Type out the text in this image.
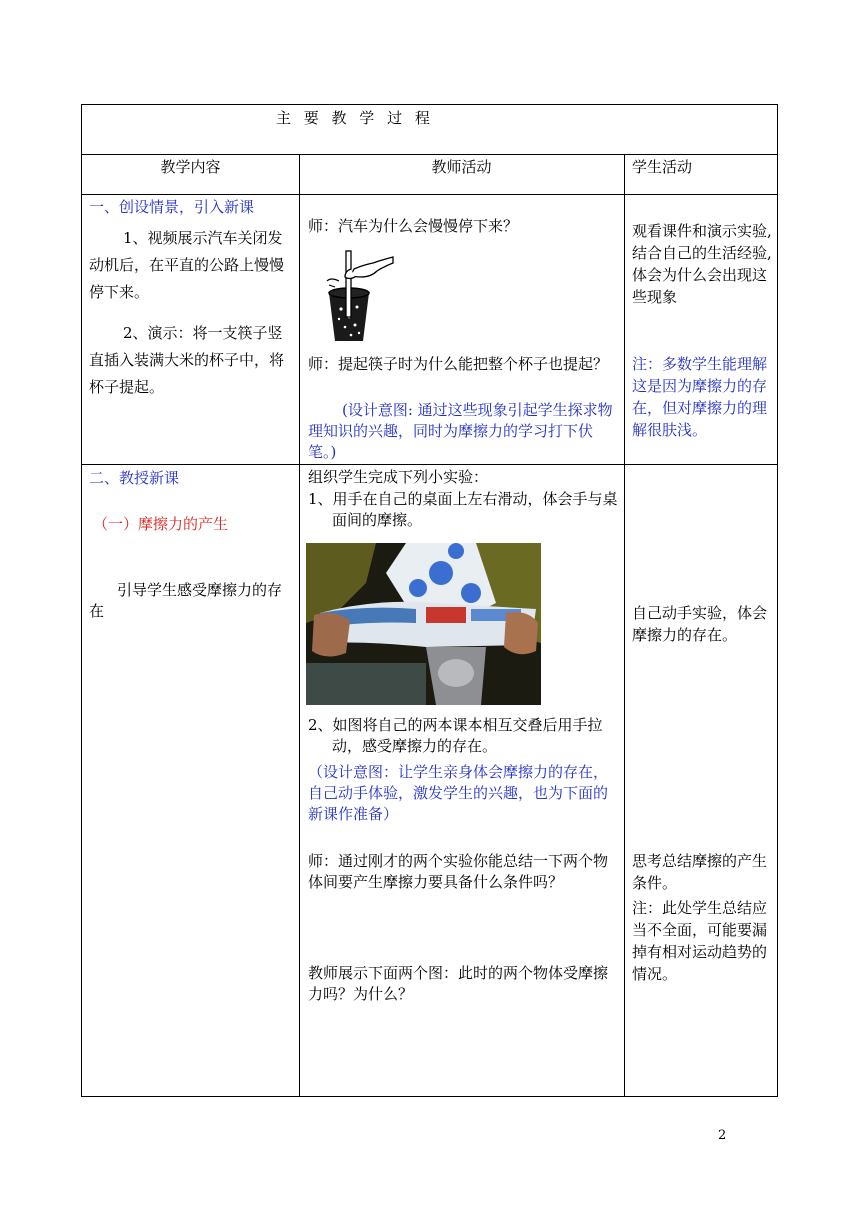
主 要 教 学 过 程
教学内容	教师活动	学生活动
一、创设情景，引入新课
1、视频展示汽车关闭发动机后，在平直的公路上慢慢停下来。
2、演示：将一支筷子竖直插入装满大米的杯子中，将杯子提起。
师：汽车为什么会慢慢停下来？
师：提起筷子时为什么能把整个杯子也提起？
(设计意图: 通过这些现象引起学生探求物理知识的兴趣，同时为摩擦力的学习打下伏笔。)
观看课件和演示实验,结合自己的生活经验,体会为什么会出现这些现象
注：多数学生能理解这是因为摩擦力的存在，但对摩擦力的理解很肤浅。
二、教授新课
（一）摩擦力的产生
引导学生感受摩擦力的存在
组织学生完成下列小实验：
1、用手在自己的桌面上左右滑动，体会手与桌面间的摩擦。
2、如图将自己的两本课本相互交叠后用手拉动，感受摩擦力的存在。
（设计意图：让学生亲身体会摩擦力的存在，自己动手体验，激发学生的兴趣，也为下面的新课作准备）
师：通过刚才的两个实验你能总结一下两个物体间要产生摩擦力要具备什么条件吗？
教师展示下面两个图：此时的两个物体受摩擦力吗？为什么？
自己动手实验，体会摩擦力的存在。
思考总结摩擦的产生条件。
注：此处学生总结应当不全面，可能要漏掉有相对运动趋势的情况。
2
